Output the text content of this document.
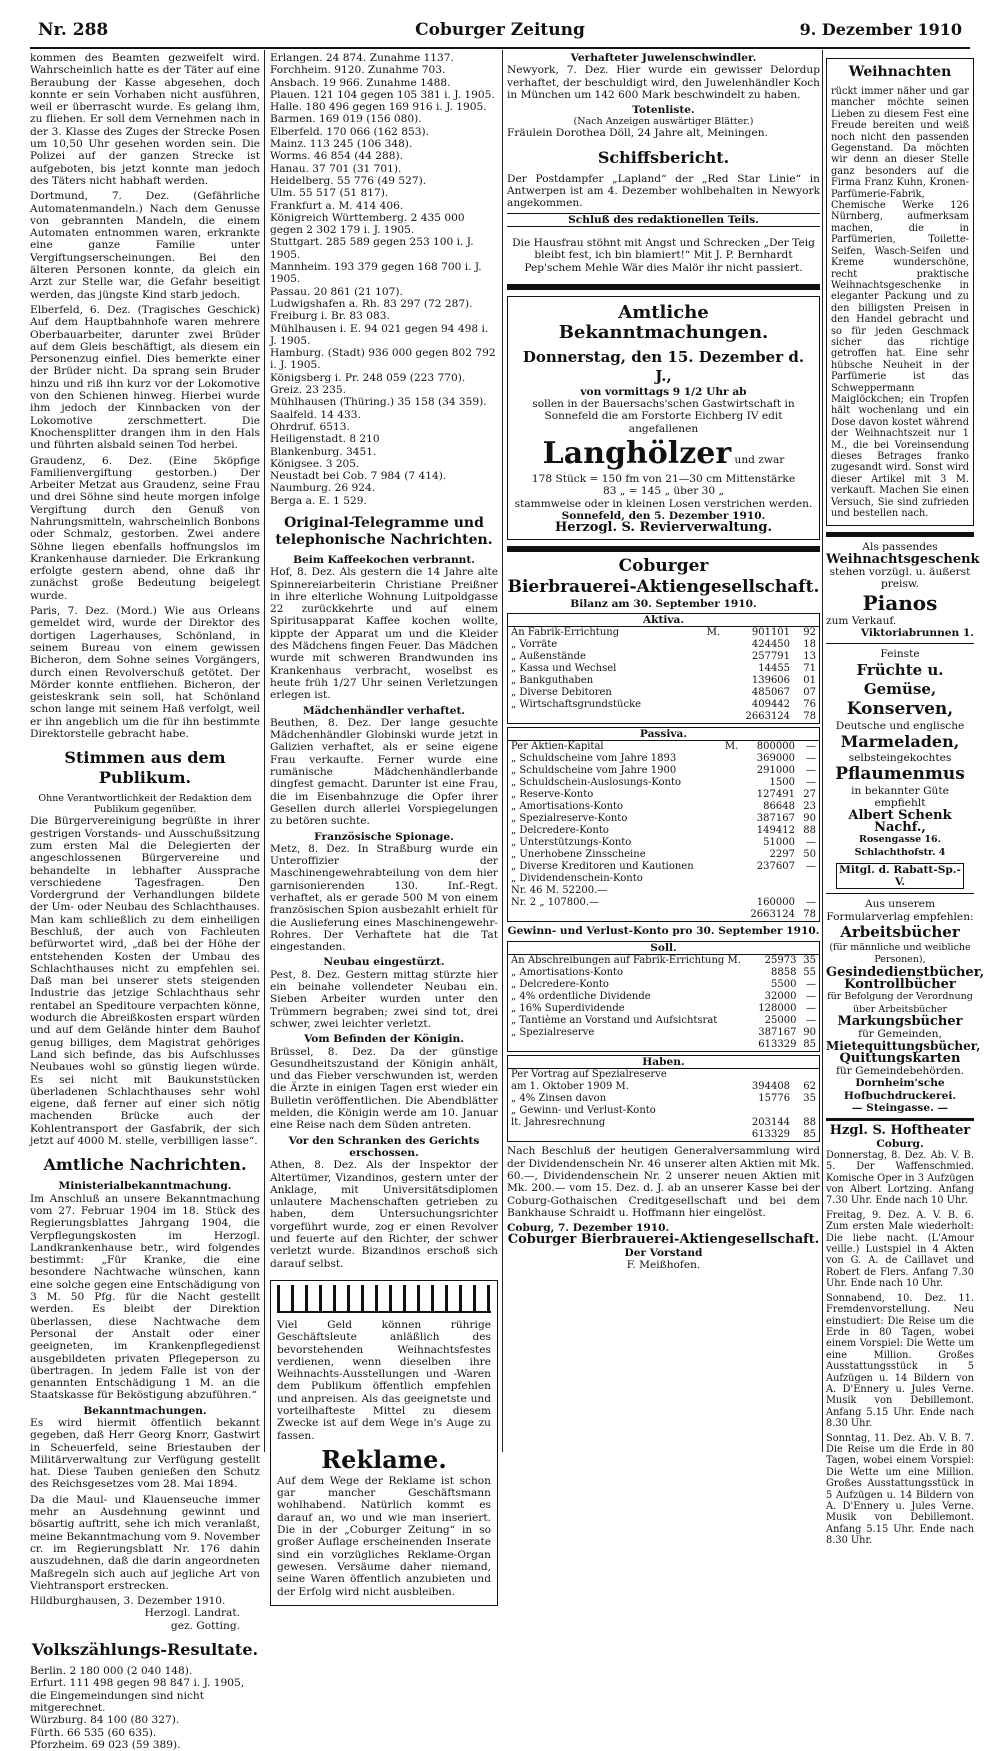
Nr. 288	Coburger Zeitung	9. Dezember 1910

kommen des Beamten gezweifelt wird. Wahrscheinlich hatte es der Täter auf eine Beraubung der Kasse abgesehen, doch konnte er sein Vorhaben nicht ausführen, weil er überrascht wurde. Es gelang ihm, zu fliehen. Er soll dem Vernehmen nach in der 3. Klasse des Zuges der Strecke Posen um 10,50 Uhr gesehen worden sein. Die Polizei auf der ganzen Strecke ist aufgeboten, bis jetzt konnte man jedoch des Täters nicht habhaft werden.

Dortmund, 7. Dez. (Gefährliche Automatenmandeln.) Nach dem Genusse von gebrannten Mandeln, die einem Automaten entnommen waren, erkrankte eine ganze Familie unter Vergiftungserscheinungen. Bei den älteren Personen konnte, da gleich ein Arzt zur Stelle war, die Gefahr beseitigt werden, das jüngste Kind starb jedoch.

Elberfeld, 6. Dez. (Tragisches Geschick) Auf dem Hauptbahnhofe waren mehrere Oberbauarbeiter, darunter zwei Brüder auf dem Gleis beschäftigt, als diesem ein Personenzug einfiel. Dies bemerkte einer der Brüder nicht. Da sprang sein Bruder hinzu und riß ihn kurz vor der Lokomotive von den Schienen hinweg. Hierbei wurde ihm jedoch der Kinnbacken von der Lokomotive zerschmettert. Die Knochensplitter drangen ihm in den Hals und führten alsbald seinen Tod herbei.

Graudenz, 6. Dez. (Eine 5köpfige Familienvergiftung gestorben.) Der Arbeiter Metzat aus Graudenz, seine Frau und drei Söhne sind heute morgen infolge Vergiftung durch den Genuß von Nahrungsmitteln, wahrscheinlich Bonbons oder Schmalz, gestorben. Zwei andere Söhne liegen ebenfalls hoffnungslos im Krankenhause darnieder. Die Erkrankung erfolgte gestern abend, ohne daß ihr zunächst große Bedeutung beigelegt wurde.

Paris, 7. Dez. (Mord.) Wie aus Orleans gemeldet wird, wurde der Direktor des dortigen Lagerhauses, Schönland, in seinem Bureau von einem gewissen Bicheron, dem Sohne seines Vorgängers, durch einen Revolverschuß getötet. Der Mörder konnte entfliehen. Bicheron, der geisteskrank sein soll, hat Schönland schon lange mit seinem Haß verfolgt, weil er ihn angeblich um die für ihn bestimmte Direktorstelle gebracht habe.

Stimmen aus dem Publikum.
Ohne Verantwortlichkeit der Redaktion dem Publikum gegenüber.

Die Bürgervereinigung begrüßte in ihrer gestrigen Vorstands- und Ausschußsitzung zum ersten Mal die Delegierten der angeschlossenen Bürgervereine und behandelte in lebhafter Aussprache verschiedene Tagesfragen. Den Vordergrund der Verhandlungen bildete der Um- oder Neubau des Schlachthauses. Man kam schließlich zu dem einheiligen Beschluß, der auch von Fachleuten befürwortet wird, „daß bei der Höhe der entstehenden Kosten der Umbau des Schlachthauses nicht zu empfehlen sei. Daß man bei unserer stets steigenden Industrie das jetzige Schlachthaus sehr rentabel an Speditoure verpachten könne, wodurch die Abreißkosten erspart würden und auf dem Gelände hinter dem Bauhof genug billiges, dem Magistrat gehöriges Land sich befinde, das bis Aufschlusses Neubaues wohl so günstig liegen würde. Es sei nicht mit Baukunststücken überladenen Schlachthauses sehr wohl eigene, daß ferner auf einer sich nötig machenden Brücke auch der Kohlentransport der Gasfabrik, der sich jetzt auf 4000 M. stelle, verbilligen lasse“.

Amtliche Nachrichten.
Ministerialbekanntmachung.

Im Anschluß an unsere Bekanntmachung vom 27. Februar 1904 im 18. Stück des Regierungsblattes Jahrgang 1904, die Verpflegungskosten im Herzogl. Landkrankenhause betr., wird folgendes bestimmt: „Für Kranke, die eine besondere Nachtwache wünschen, kann eine solche gegen eine Entschädigung von 3 M. 50 Pfg. für die Nacht gestellt werden. Es bleibt der Direktion überlassen, diese Nachtwache dem Personal der Anstalt oder einer geeigneten, im Krankenpflegedienst ausgebildeten privaten Pflegeperson zu übertragen. In jedem Falle ist von der genannten Entschädigung 1 M. an die Staatskasse für Beköstigung abzuführen.“

Bekanntmachungen.

Es wird hiermit öffentlich bekannt gegeben, daß Herr Georg Knorr, Gastwirt in Scheuerfeld, seine Briestauben der Militärverwaltung zur Verfügung gestellt hat. Diese Tauben genießen den Schutz des Reichsgesetzes vom 28. Mai 1894.

Da die Maul- und Klauenseuche immer mehr an Ausdehnung gewinnt und bösartig auftritt, sehe ich mich veranlaßt, meine Bekanntmachung vom 9. November cr. im Regierungsblatt Nr. 176 dahin auszudehnen, daß die darin angeordneten Maßregeln sich auch auf jegliche Art von Viehtransport erstrecken.

Hildburghausen, 3. Dezember 1910.
Herzogl. Landrat.
gez. Gotting.
Volkszählungs-Resultate.
Berlin. 2 180 000 (2 040 148).
Erfurt. 111 498 gegen 98 847 i. J. 1905, die Eingemeindungen sind nicht mitgerechnet.
Würzburg. 84 100 (80 327).
Fürth. 66 535 (60 635).
Pforzheim. 69 023 (59 389).
Erlangen. 24 874. Zunahme 1137.
Forchheim. 9120. Zunahme 703.
Ansbach. 19 966. Zunahme 1488.
Plauen. 121 104 gegen 105 381 i. J. 1905.
Halle. 180 496 gegen 169 916 i. J. 1905.
Barmen. 169 019 (156 080).
Elberfeld. 170 066 (162 853).
Mainz. 113 245 (106 348).
Worms. 46 854 (44 288).
Hanau. 37 701 (31 701).
Heidelberg. 55 776 (49 527).
Ulm. 55 517 (51 817).
Frankfurt a. M. 414 406.
Königreich Württemberg. 2 435 000 gegen 2 302 179 i. J. 1905.
Stuttgart. 285 589 gegen 253 100 i. J. 1905.
Mannheim. 193 379 gegen 168 700 i. J. 1905.
Passau. 20 861 (21 107).
Ludwigshafen a. Rh. 83 297 (72 287).
Freiburg i. Br. 83 083.
Mühlhausen i. E. 94 021 gegen 94 498 i. J. 1905.
Hamburg. (Stadt) 936 000 gegen 802 792 i. J. 1905.
Königsberg i. Pr. 248 059 (223 770).
Greiz. 23 235.
Mühlhausen (Thüring.) 35 158 (34 359).
Saalfeld. 14 433.
Ohrdruf. 6513.
Heiligenstadt. 8 210
Blankenburg. 3451.
Königsee. 3 205.
Neustadt bei Cob. 7 984 (7 414).
Naumburg. 26 924.
Berga a. E. 1 529.
Original-Telegramme und telephonische Nachrichten.
Beim Kaffeekochen verbrannt.

Hof, 8. Dez. Als gestern die 14 Jahre alte Spinnereiarbeiterin Christiane Preißner in ihre elterliche Wohnung Luitpoldgasse 22 zurückkehrte und auf einem Spiritusapparat Kaffee kochen wollte, kippte der Apparat um und die Kleider des Mädchens fingen Feuer. Das Mädchen wurde mit schweren Brandwunden ins Krankenhaus verbracht, woselbst es heute früh 1/27 Uhr seinen Verletzungen erlegen ist.

Mädchenhändler verhaftet.

Beuthen, 8. Dez. Der lange gesuchte Mädchenhändler Globinski wurde jetzt in Galizien verhaftet, als er seine eigene Frau verkaufte. Ferner wurde eine rumänische Mädchenhändlerbande dingfest gemacht. Darunter ist eine Frau, die im Eisenbahnzuge die Opfer ihrer Gesellen durch allerlei Vorspiegelungen zu betören suchte.

Französische Spionage.

Metz, 8. Dez. In Straßburg wurde ein Unteroffizier der Maschinengewehrabteilung von dem hier garnisonierenden 130. Inf.-Regt. verhaftet, als er gerade 500 M von einem französischen Spion ausbezahlt erhielt für die Auslieferung eines Maschinengewehr-Rohres. Der Verhaftete hat die Tat eingestanden.

Neubau eingestürzt.

Pest, 8. Dez. Gestern mittag stürzte hier ein beinahe vollendeter Neubau ein. Sieben Arbeiter wurden unter den Trümmern begraben; zwei sind tot, drei schwer, zwei leichter verletzt.

Vom Befinden der Königin.

Brüssel, 8. Dez. Da der günstige Gesundheitszustand der Königin anhält, und das Fieber verschwunden ist, werden die Ärzte in einigen Tagen erst wieder ein Bulletin veröffentlichen. Die Abendblätter melden, die Königin werde am 10. Januar eine Reise nach dem Süden antreten.

Vor den Schranken des Gerichts erschossen.

Athen, 8. Dez. Als der Inspektor der Altertümer, Vizandinos, gestern unter der Anklage, mit Universitätsdiplomen unlautere Machenschaften getrieben zu haben, dem Untersuchungsrichter vorgeführt wurde, zog er einen Revolver und feuerte auf den Richter, der schwer verletzt wurde. Bizandinos erschoß sich darauf selbst.

Viel Geld können rührige Geschäftsleute anläßlich des bevorstehenden Weihnachtsfestes verdienen, wenn dieselben ihre Weihnachts-Ausstellungen und -Waren dem Publikum öffentlich empfehlen und anpreisen. Als das geeignetste und vorteilhafteste Mittel zu diesem Zwecke ist auf dem Wege in's Auge zu fassen.

Reklame.

Auf dem Wege der Reklame ist schon gar mancher Geschäftsmann wohlhabend. Natürlich kommt es darauf an, wo und wie man inseriert. Die in der „Coburger Zeitung“ in so großer Auflage erscheinenden Inserate sind ein vorzügliches Reklame-Organ gewesen. Versäume daher niemand, seine Waren öffentlich anzubieten und der Erfolg wird nicht ausbleiben.

Verhafteter Juwelenschwindler.

Newyork, 7. Dez. Hier wurde ein gewisser Delordup verhaftet, der beschuldigt wird, den Juwelenhändler Koch in München um 142 600 Mark beschwindelt zu haben.

Totenliste.
(Nach Anzeigen auswärtiger Blätter.)

Fräulein Dorothea Döll, 24 Jahre alt, Meiningen.

Schiffsbericht.

Der Postdampfer „Lapland“ der „Red Star Linie“ in Antwerpen ist am 4. Dezember wohlbehalten in Newyork angekommen.

Schluß des redaktionellen Teils.

Die Hausfrau stöhnt mit Angst und Schrecken „Der Teig bleibt fest, ich bin blamiert!“ Mit J. P. Bernhardt Pep'schem Mehle Wär dies Malör ihr nicht passiert.

Amtliche Bekanntmachungen.
Donnerstag, den 15. Dezember d. J.,
von vormittags 9 1/2 Uhr ab
sollen in der Bauersachs'schen Gastwirtschaft in Sonnefeld die am Forstorte Eichberg IV edit angefallenen
Langhölzer und zwar
178 Stück = 150 fm von 21—30 cm Mittenstärke
83 „ = 145 „ über 30 „
stammweise oder in kleinen Losen verstrichen werden.
Sonnefeld, den 5. Dezember 1910.
Herzogl. S. Revierverwaltung.
Coburger
Bierbrauerei-Aktiengesellschaft.
Bilanz am 30. September 1910.
Aktiva.
An Fabrik-Errichtung	M.	901101	92
„ Vorräte		424450	18
„ Außenstände		257791	13
„ Kassa und Wechsel		14455	71
„ Bankguthaben		139606	01
„ Diverse Debitoren		485067	07
„ Wirtschaftsgrundstücke		409442	76
		2663124	78
Passiva.
Per Aktien-Kapital	M.	800000	—
„ Schuldscheine vom Jahre 1893		369000	—
„ Schuldscheine vom Jahre 1900		291000	—
„ Schuldschein-Auslosungs-Konto		1500	—
„ Reserve-Konto		127491	27
„ Amortisations-Konto		86648	23
„ Spezialreserve-Konto		387167	90
„ Delcredere-Konto		149412	88
„ Unterstützungs-Konto		51000	—
„ Unerhobene Zinsscheine		2297	50
„ Diverse Kreditoren und Kautionen		237607	—
„ Dividendenschein-Konto			
Nr. 46 M. 52200.—			
Nr. 2 „ 107800.—		160000	—
		2663124	78
Gewinn- und Verlust-Konto pro 30. September 1910.
Soll.
An Abschreibungen auf Fabrik-Errichtung M.	25973	35
„ Amortisations-Konto	8858	55
„ Delcredere-Konto	5500	—
„ 4% ordentliche Dividende	32000	—
„ 16% Superdividende	128000	—
„ Tantième an Vorstand und Aufsichtsrat	25000	—
„ Spezialreserve	387167	90
	613329	85
Haben.
Per Vortrag auf Spezialreserve		
am 1. Oktober 1909 M.	394408	62
„ 4% Zinsen davon	15776	35
„ Gewinn- und Verlust-Konto		
lt. Jahresrechnung	203144	88
	613329	85

Nach Beschluß der heutigen Generalversammlung wird der Dividendenschein Nr. 46 unserer alten Aktien mit Mk. 60.—, Dividendenschein Nr. 2 unserer neuen Aktien mit Mk. 200.— vom 15. Dez. d. J. ab an unserer Kasse bei der Coburg-Gothaischen Creditgesellschaft und bei dem Bankhause Schraidt u. Hoffmann hier eingelöst.

Coburg, 7. Dezember 1910.
Coburger Bierbrauerei-Aktiengesellschaft.
Der Vorstand
F. Meißhofen.
Weihnachten

rückt immer näher und gar mancher möchte seinen Lieben zu diesem Fest eine Freude bereiten und weiß noch nicht den passenden Gegenstand. Da möchten wir denn an dieser Stelle ganz besonders auf die Firma Franz Kuhn, Kronen-Parfümerie-Fabrik, Chemische Werke 126 Nürnberg, aufmerksam machen, die in Parfümerien, Toilette-Seifen, Wasch-Seifen und Kreme wunderschöne, recht praktische Weihnachtsgeschenke in eleganter Packung und zu den billigsten Preisen in den Handel gebracht und so für jeden Geschmack sicher das richtige getroffen hat. Eine sehr hübsche Neuheit in der Parfümerie ist das Schweppermann Maiglöckchen; ein Tropfen hält wochenlang und ein Dose davon kostet während der Weihnachtszeit nur 1 M., die bei Voreinsendung dieses Betrages franko zugesandt wird. Sonst wird dieser Artikel mit 3 M. verkauft. Machen Sie einen Versuch, Sie sind zufrieden und bestellen nach.

Als passendes
Weihnachtsgeschenk
stehen vorzügl. u. äußerst preisw.
Pianos
zum Verkauf.
Viktoriabrunnen 1.
Feinste
Früchte u. Gemüse,
Konserven,
Deutsche und englische
Marmeladen,
selbsteingekochtes
Pflaumenmus
in bekannter Güte
empfiehlt
Albert Schenk Nachf.,
Rosengasse 16. Schlachthofstr. 4
Mitgl. d. Rabatt-Sp.-V.
Aus unserem Formularverlag empfehlen:
Arbeitsbücher
(für männliche und weibliche Personen),
Gesindedienstbücher,
Kontrollbücher
für Befolgung der Verordnung über Arbeitsbücher
Markungsbücher
für Gemeinden,
Mietequittungsbücher,
Quittungskarten
für Gemeindebehörden.
Dornheim'sche Hofbuchdruckerei.
— Steingasse. —
Hzgl. S. Hoftheater
Coburg.

Donnerstag, 8. Dez. Ab. V. B. 5. Der Waffenschmied. Komische Oper in 3 Aufzügen von Albert Lortzing. Anfang 7.30 Uhr. Ende nach 10 Uhr.

Freitag, 9. Dez. A. V. B. 6. Zum ersten Male wiederholt: Die liebe nacht. (L'Amour veille.) Lustspiel in 4 Akten von G. A. de Caillavet und Robert de Flers. Anfang 7.30 Uhr. Ende nach 10 Uhr.

Sonnabend, 10. Dez. 11. Fremdenvorstellung. Neu einstudiert: Die Reise um die Erde in 80 Tagen, wobei einem Vorspiel: Die Wette um eine Million. Großes Ausstattungsstück in 5 Aufzügen u. 14 Bildern von A. D'Ennery u. Jules Verne. Musik von Debillemont. Anfang 5.15 Uhr. Ende nach 8.30 Uhr.

Sonntag, 11. Dez. Ab. V. B. 7. Die Reise um die Erde in 80 Tagen, wobei einem Vorspiel: Die Wette um eine Million. Großes Ausstattungsstück in 5 Aufzügen u. 14 Bildern von A. D'Ennery u. Jules Verne. Musik von Debillemont. Anfang 5.15 Uhr. Ende nach 8.30 Uhr.
